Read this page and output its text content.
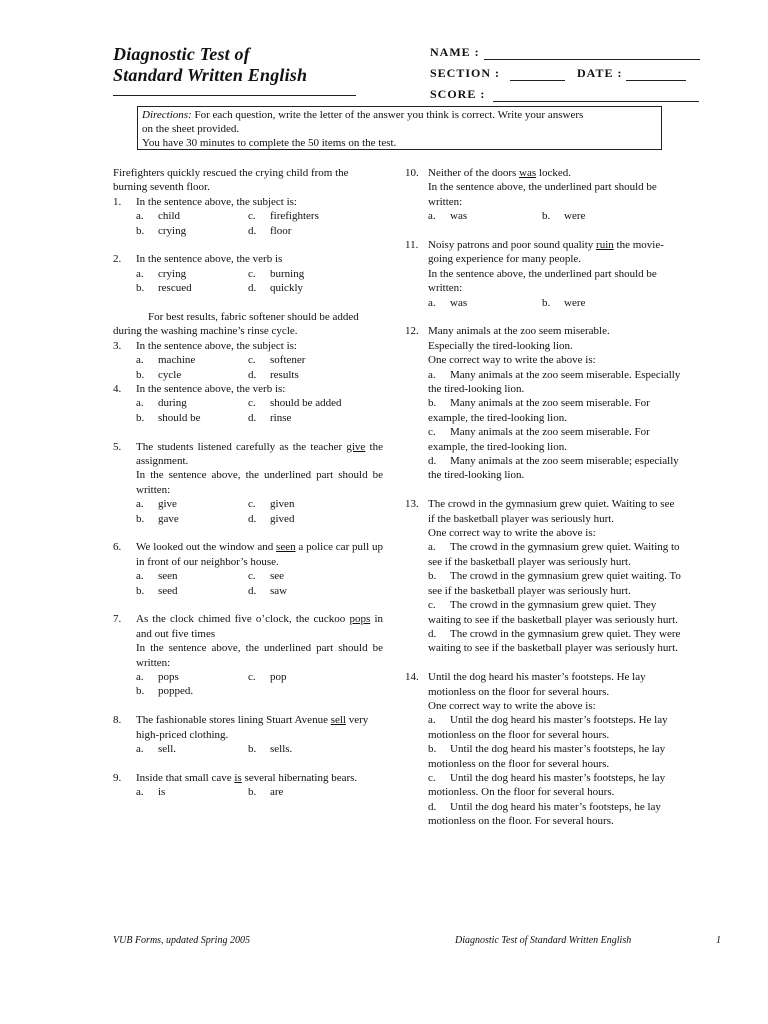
Diagnostic Test of
Standard Written English
NAME :
SECTION :	DATE :
SCORE :
Directions: For each question, write the letter of the answer you think is correct. Write your answers
on the sheet provided.
You have 30 minutes to complete the 50 items on the test.

Firefighters quickly rescued the crying child from the burning seventh floor.

1. In the sentence above, the subject is:
a. child	c. firefighters
b. crying	d. floor
2. In the sentence above, the verb is
a. crying	c. burning
b. rescued	d. quickly

For best results, fabric softener should be added during the washing machine’s rinse cycle.

3. In the sentence above, the subject is:
a. machine	c. softener
b. cycle	d. results
4. In the sentence above, the verb is:
a. during	c. should be added
b. should be	d. rinse
5. The students listened carefully as the teacher give the assignment.
In the sentence above, the underlined part should be written:
a. give	c. given
b. gave	d. gived
6. We looked out the window and seen a police car pull up in front of our neighbor’s house.
a. seen	c. see
b. seed	d. saw
7. As the clock chimed five o’clock, the cuckoo pops in and out five times
In the sentence above, the underlined part should be written:
a. pops	c. pop
b. popped.
8. The fashionable stores lining Stuart Avenue sell very high-priced clothing.
a. sell.	b. sells.
9. Inside that small cave is several hibernating bears.
a. is	b. are
10. Neither of the doors was locked.
In the sentence above, the underlined part should be written:
a. was	b. were
11. Noisy patrons and poor sound quality ruin the movie-going experience for many people.
In the sentence above, the underlined part should be written:
a. was	b. were
12. Many animals at the zoo seem miserable.
Especially the tired-looking lion.
One correct way to write the above is:
a. Many animals at the zoo seem miserable. Especially the tired-looking lion.
b. Many animals at the zoo seem miserable. For example, the tired-looking lion.
c. Many animals at the zoo seem miserable. For example, the tired-looking lion.
d. Many animals at the zoo seem miserable; especially the tired-looking lion.
13. The crowd in the gymnasium grew quiet. Waiting to see if the basketball player was seriously hurt.
One correct way to write the above is:
a. The crowd in the gymnasium grew quiet. Waiting to see if the basketball player was seriously hurt.
b. The crowd in the gymnasium grew quiet waiting. To see if the basketball player was seriously hurt.
c. The crowd in the gymnasium grew quiet. They waiting to see if the basketball player was seriously hurt.
d. The crowd in the gymnasium grew quiet. They were waiting to see if the basketball player was seriously hurt.
14. Until the dog heard his master’s footsteps. He lay motionless on the floor for several hours.
One correct way to write the above is:
a. Until the dog heard his master’s footsteps. He lay motionless on the floor for several hours.
b. Until the dog heard his master’s footsteps, he lay motionless on the floor for several hours.
c. Until the dog heard his master’s footsteps, he lay motionless. On the floor for several hours.
d. Until the dog heard his mater’s footsteps, he lay motionless on the floor. For several hours.
VUB Forms, updated Spring 2005	Diagnostic Test of Standard Written English	1
